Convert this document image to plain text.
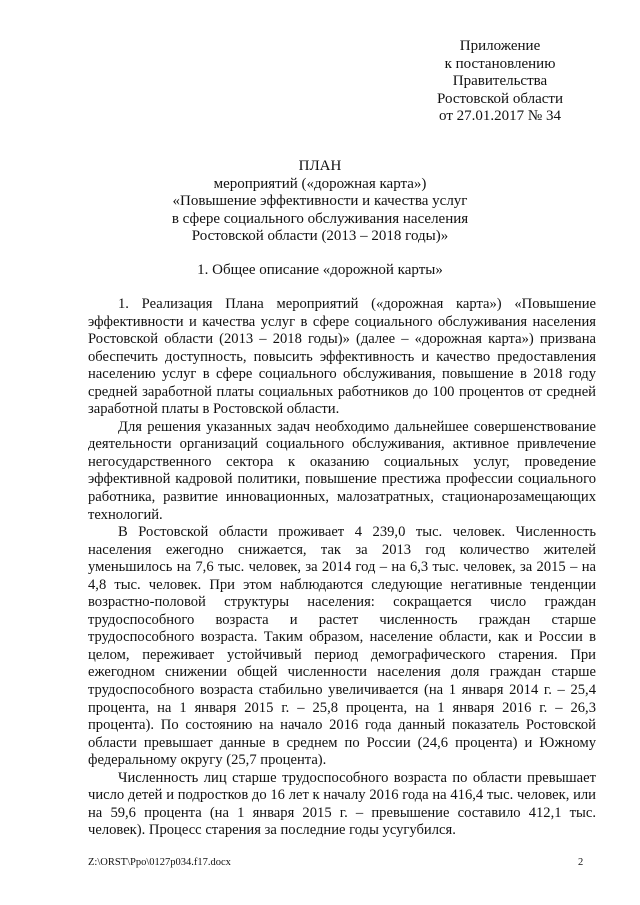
Приложение
к постановлению
Правительства
Ростовской области
от 27.01.2017 № 34
ПЛАН
мероприятий («дорожная карта»)
«Повышение эффективности и качества услуг
в сфере социального обслуживания населения
Ростовской области (2013 – 2018 годы)»
1. Общее описание «дорожной карты»

1. Реализация Плана мероприятий («дорожная карта») «Повышение эффективности и качества услуг в сфере социального обслуживания населения Ростовской области (2013 – 2018 годы)» (далее – «дорожная карта») призвана обеспечить доступность, повысить эффективность и качество предоставления населению услуг в сфере социального обслуживания, повышение в 2018 году средней заработной платы социальных работников до 100 процентов от средней заработной платы в Ростовской области.

Для решения указанных задач необходимо дальнейшее совершенствование деятельности организаций социального обслуживания, активное привлечение негосударственного сектора к оказанию социальных услуг, проведение эффективной кадровой политики, повышение престижа профессии социального работника, развитие инновационных, малозатратных, стационарозамещающих технологий.

В Ростовской области проживает 4 239,0 тыс. человек. Численность населения ежегодно снижается, так за 2013 год количество жителей уменьшилось на 7,6 тыс. человек, за 2014 год – на 6,3 тыс. человек, за 2015 – на 4,8 тыс. человек. При этом наблюдаются следующие негативные тенденции возрастно-половой структуры населения: сокращается число граждан трудоспособного возраста и растет численность граждан старше трудоспособного возраста. Таким образом, население области, как и России в целом, переживает устойчивый период демографического старения. При ежегодном снижении общей численности населения доля граждан старше трудоспособного возраста стабильно увеличивается (на 1 января 2014 г. – 25,4 процента, на 1 января 2015 г. – 25,8 процента, на 1 января 2016 г. – 26,3 процента). По состоянию на начало 2016 года данный показатель Ростовской области превышает данные в среднем по России (24,6 процента) и Южному федеральному округу (25,7 процента).

Численность лиц старше трудоспособного возраста по области превышает число детей и подростков до 16 лет к началу 2016 года на 416,4 тыс. человек, или на 59,6 процента (на 1 января 2015 г. – превышение составило 412,1 тыс. человек). Процесс старения за последние годы усугубился.

Z:\ORST\Ppo\0127p034.f17.docx	2
